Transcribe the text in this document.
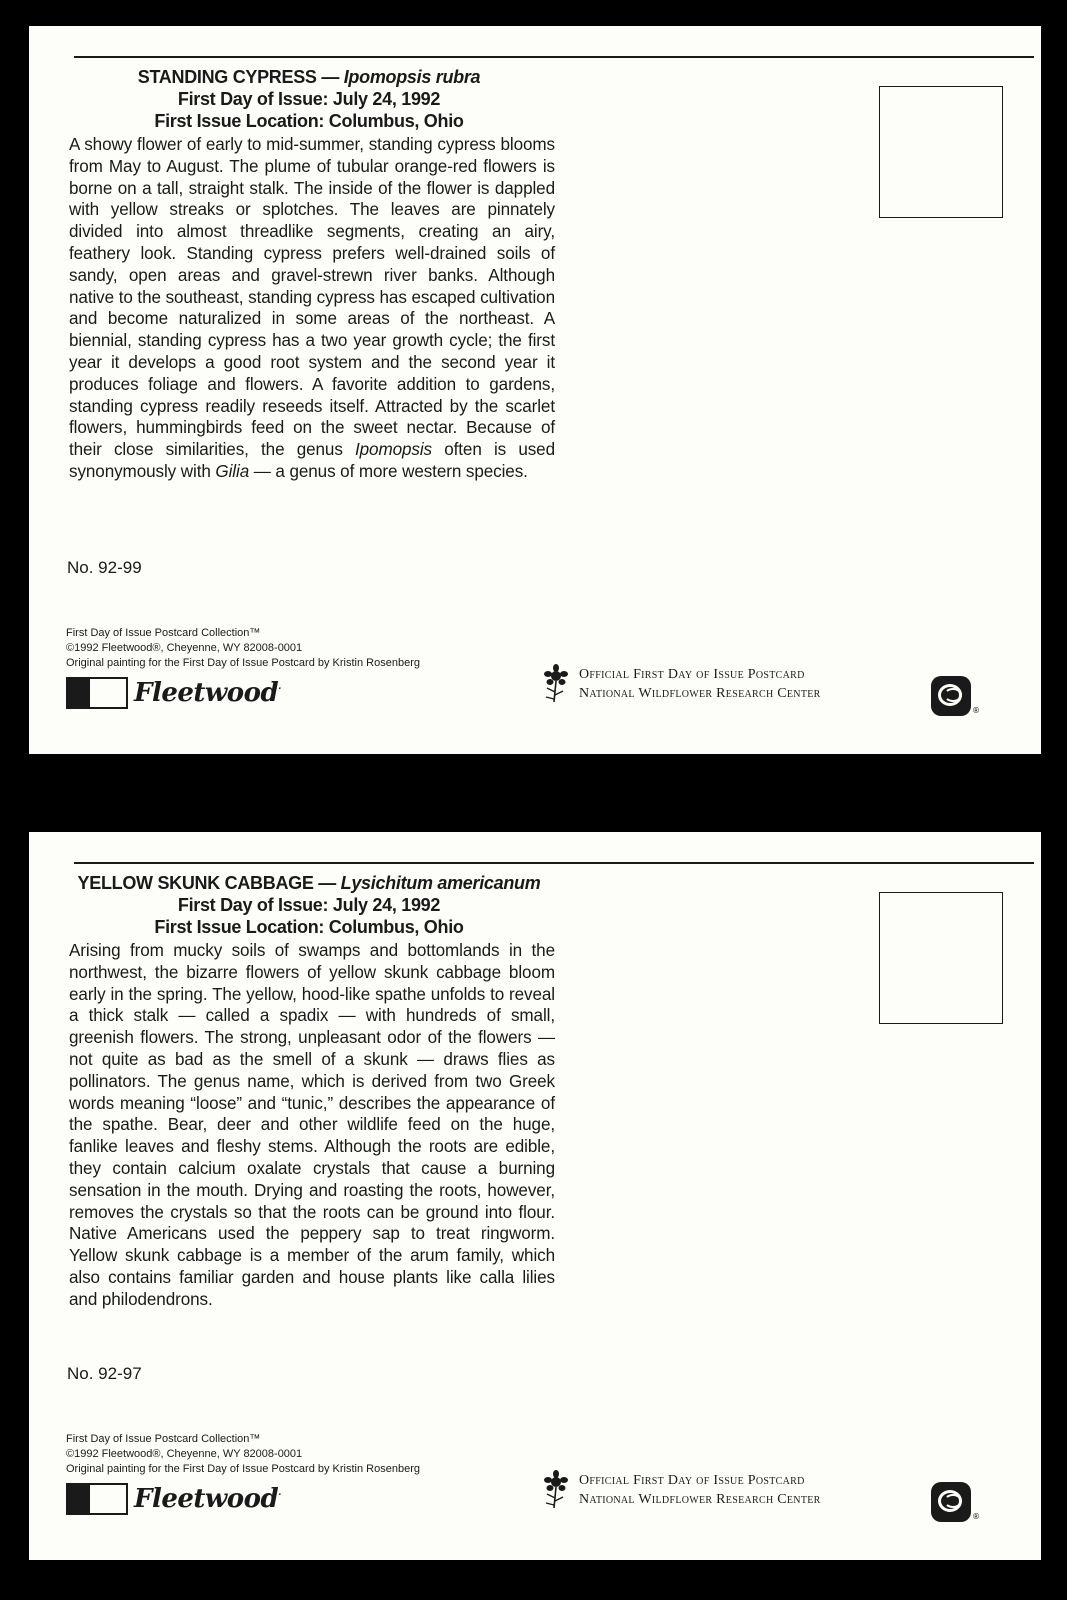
STANDING CYPRESS — Ipomopsis rubra
First Day of Issue: July 24, 1992
First Issue Location: Columbus, Ohio
A showy flower of early to mid-summer, standing cypress blooms from May to August. The plume of tubular orange-red flowers is borne on a tall, straight stalk. The inside of the flower is dappled with yellow streaks or splotches. The leaves are pinnately divided into almost threadlike segments, creating an airy, feathery look. Standing cypress prefers well-drained soils of sandy, open areas and gravel-strewn river banks. Although native to the southeast, standing cypress has escaped cultivation and become naturalized in some areas of the northeast. A biennial, standing cypress has a two year growth cycle; the first year it develops a good root system and the second year it produces foliage and flowers. A favorite addition to gardens, standing cypress readily reseeds itself. Attracted by the scarlet flowers, hummingbirds feed on the sweet nectar. Because of their close similarities, the genus Ipomopsis often is used synonymously with Gilia — a genus of more western species.
No. 92-99
First Day of Issue Postcard Collection™
©1992 Fleetwood®, Cheyenne, WY 82008-0001
Original painting for the First Day of Issue Postcard by Kristin Rosenberg
Fleetwood·
Official First Day of Issue Postcard
National Wildflower Research Center
®
YELLOW SKUNK CABBAGE — Lysichitum americanum
First Day of Issue: July 24, 1992
First Issue Location: Columbus, Ohio
Arising from mucky soils of swamps and bottomlands in the northwest, the bizarre flowers of yellow skunk cabbage bloom early in the spring. The yellow, hood-like spathe unfolds to reveal a thick stalk — called a spadix — with hundreds of small, greenish flowers. The strong, unpleasant odor of the flowers — not quite as bad as the smell of a skunk — draws flies as pollinators. The genus name, which is derived from two Greek words meaning “loose” and “tunic,” describes the appearance of the spathe. Bear, deer and other wildlife feed on the huge, fanlike leaves and fleshy stems. Although the roots are edible, they contain calcium oxalate crystals that cause a burning sensation in the mouth. Drying and roasting the roots, however, removes the crystals so that the roots can be ground into flour. Native Americans used the peppery sap to treat ringworm. Yellow skunk cabbage is a member of the arum family, which also contains familiar garden and house plants like calla lilies and philodendrons.
No. 92-97
First Day of Issue Postcard Collection™
©1992 Fleetwood®, Cheyenne, WY 82008-0001
Original painting for the First Day of Issue Postcard by Kristin Rosenberg
Fleetwood·
Official First Day of Issue Postcard
National Wildflower Research Center
®
